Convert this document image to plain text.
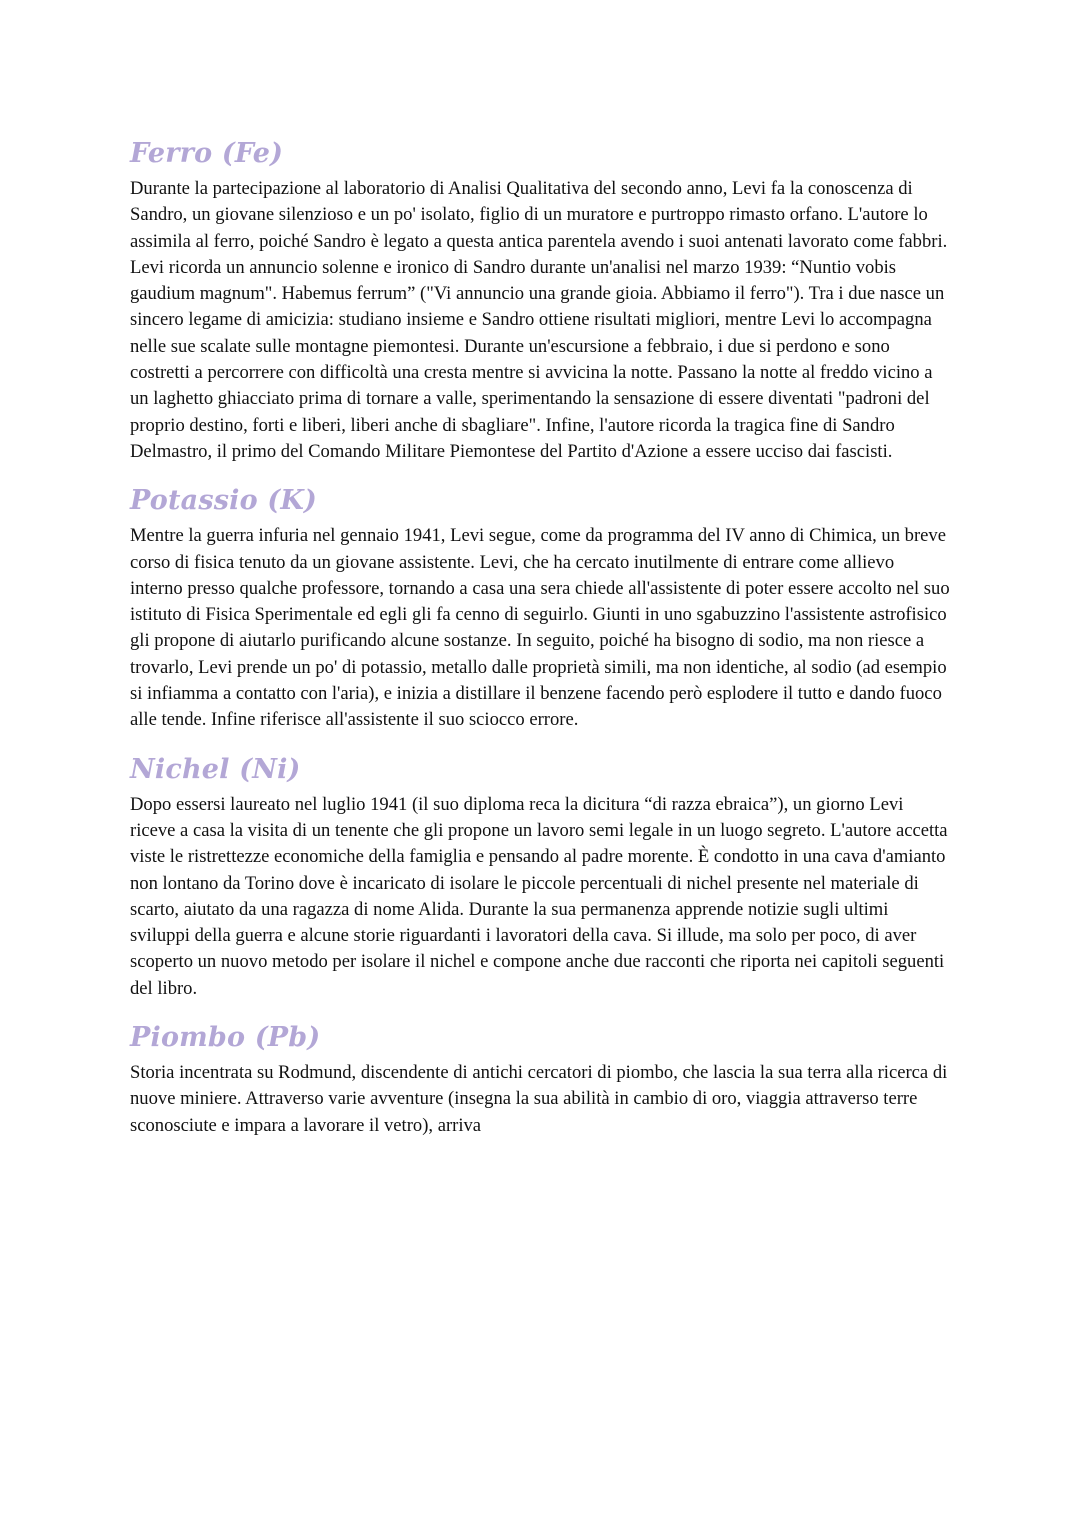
Ferro (Fe)

Durante la partecipazione al laboratorio di Analisi Qualitativa del secondo anno, Levi fa la conoscenza di Sandro, un giovane silenzioso e un po' isolato, figlio di un muratore e purtroppo rimasto orfano. L'autore lo assimila al ferro, poiché Sandro è legato a questa antica parentela avendo i suoi antenati lavorato come fabbri. Levi ricorda un annuncio solenne e ironico di Sandro durante un'analisi nel marzo 1939: “Nuntio vobis gaudium magnum". Habemus ferrum” ("Vi annuncio una grande gioia. Abbiamo il ferro"). Tra i due nasce un sincero legame di amicizia: studiano insieme e Sandro ottiene risultati migliori, mentre Levi lo accompagna nelle sue scalate sulle montagne piemontesi. Durante un'escursione a febbraio, i due si perdono e sono costretti a percorrere con difficoltà una cresta mentre si avvicina la notte. Passano la notte al freddo vicino a un laghetto ghiacciato prima di tornare a valle, sperimentando la sensazione di essere diventati "padroni del proprio destino, forti e liberi, liberi anche di sbagliare". Infine, l'autore ricorda la tragica fine di Sandro Delmastro, il primo del Comando Militare Piemontese del Partito d'Azione a essere ucciso dai fascisti.

Potassio (K)

Mentre la guerra infuria nel gennaio 1941, Levi segue, come da programma del IV anno di Chimica, un breve corso di fisica tenuto da un giovane assistente. Levi, che ha cercato inutilmente di entrare come allievo interno presso qualche professore, tornando a casa una sera chiede all'assistente di poter essere accolto nel suo istituto di Fisica Sperimentale ed egli gli fa cenno di seguirlo. Giunti in uno sgabuzzino l'assistente astrofisico gli propone di aiutarlo purificando alcune sostanze. In seguito, poiché ha bisogno di sodio, ma non riesce a trovarlo, Levi prende un po' di potassio, metallo dalle proprietà simili, ma non identiche, al sodio (ad esempio si infiamma a contatto con l'aria), e inizia a distillare il benzene facendo però esplodere il tutto e dando fuoco alle tende. Infine riferisce all'assistente il suo sciocco errore.

Nichel (Ni)

Dopo essersi laureato nel luglio 1941 (il suo diploma reca la dicitura “di razza ebraica”), un giorno Levi riceve a casa la visita di un tenente che gli propone un lavoro semi legale in un luogo segreto. L'autore accetta viste le ristrettezze economiche della famiglia e pensando al padre morente. È condotto in una cava d'amianto non lontano da Torino dove è incaricato di isolare le piccole percentuali di nichel presente nel materiale di scarto, aiutato da una ragazza di nome Alida. Durante la sua permanenza apprende notizie sugli ultimi sviluppi della guerra e alcune storie riguardanti i lavoratori della cava. Si illude, ma solo per poco, di aver scoperto un nuovo metodo per isolare il nichel e compone anche due racconti che riporta nei capitoli seguenti del libro.

Piombo (Pb)

Storia incentrata su Rodmund, discendente di antichi cercatori di piombo, che lascia la sua terra alla ricerca di nuove miniere. Attraverso varie avventure (insegna la sua abilità in cambio di oro, viaggia attraverso terre sconosciute e impara a lavorare il vetro), arriva
